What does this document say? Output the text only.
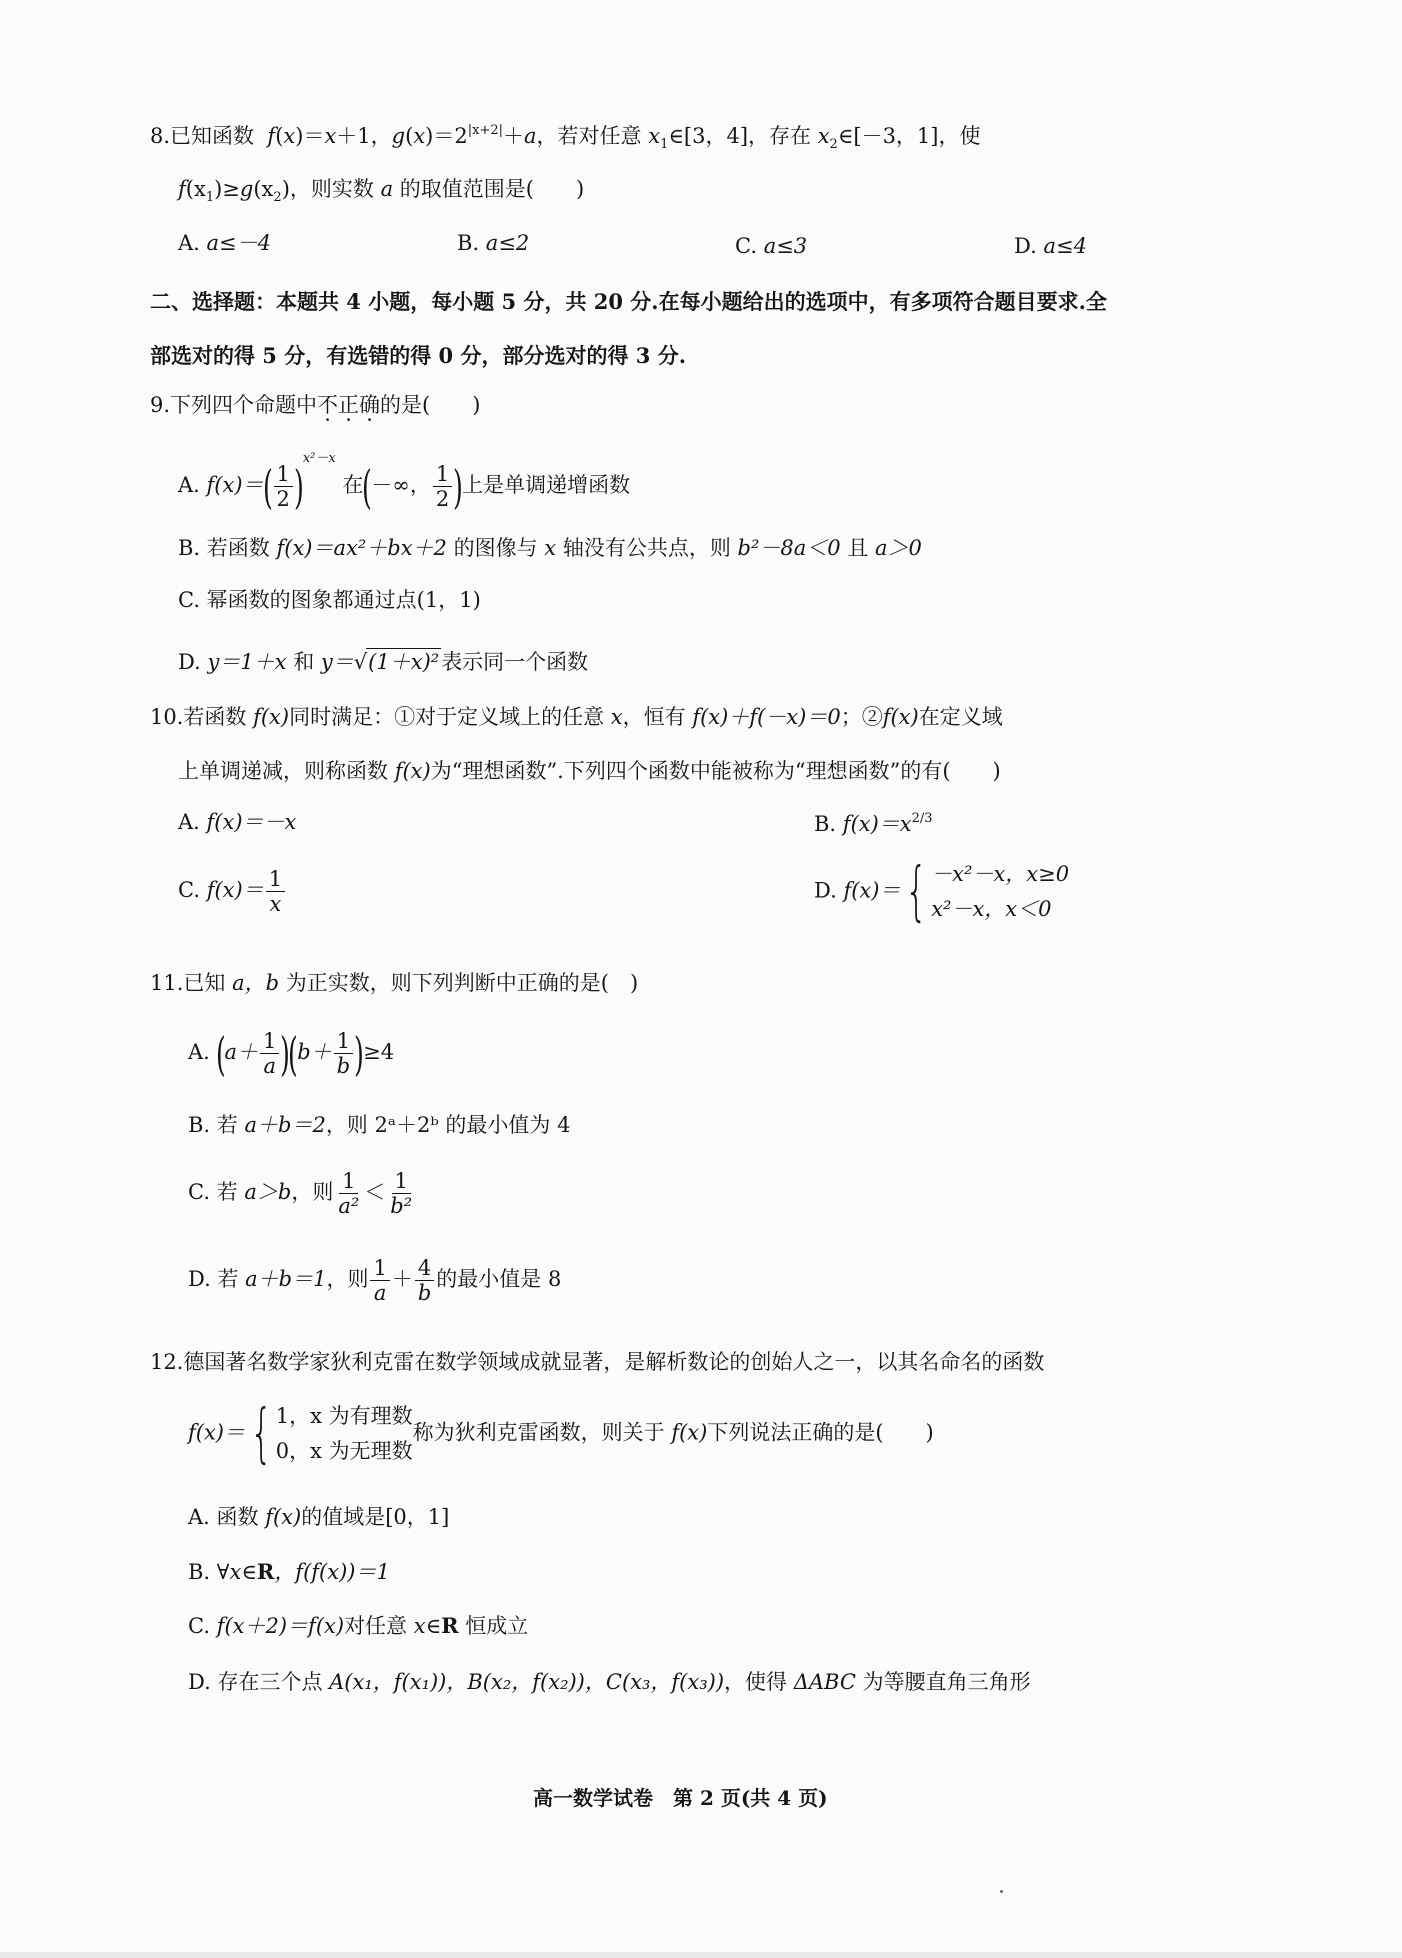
8.已知函数 f(x)＝x＋1，$g(x)=2^{|x+2|}+a$，若对任意 $x_1\in[3$，4]，存在 $x_2\in[-3$，1]，使
$f(x_1)\ge g(x_2)$，则实数 a 的取值范围是(　　)
A. a≤－4	B. a≤2	C. a≤3	D. a≤4
二、选择题：本题共 4 小题，每小题 5 分，共 20 分.在每小题给出的选项中，有多项符合题目要求.全
部选对的得 5 分，有选错的得 0 分，部分选对的得 3 分.
9.下列四个命题中不正确的是(　　)
A. $f(x)=( \frac{1}{2} )^{x^2-x}$ 在(－∞， $\frac{1}{2}$ )上是单调递增函数
B. 若函数 f(x)＝ax²＋bx＋2 的图像与 x 轴没有公共点，则 b²－8a＜0 且 a＞0
C. 幂函数的图象都通过点(1，1)
D. y＝1＋x 和 y＝√(1＋x)²表示同一个函数
10.若函数 f(x)同时满足：①对于定义域上的任意 x，恒有 f(x)＋f(－x)＝0；②f(x)在定义域
上单调递减，则称函数 f(x)为“理想函数”.下列四个函数中能被称为“理想函数”的有(　　)
A. f(x)＝－x	B. $f(x)=x^{2/3}$
C. $f(x)= \frac{1}{x}$	D. f(x)＝ { －x²－x，x≥0
x²－x，x＜0
11.已知 a，b 为正实数，则下列判断中正确的是(　)
A. $(a+ \frac{1}{a} )(b+ \frac{1}{b} )\ge 4$
B. 若 a＋b＝2，则 2ᵃ＋2ᵇ 的最小值为 4
C. 若 a＞b，则 $\frac{1}{\text{a²}} < \frac{1}{\text{b²}}$
D. 若 a＋b＝1，则 $\frac{1}{a} + \frac{4}{b}$ 的最小值是 8
12.德国著名数学家狄利克雷在数学领域成就显著，是解析数论的创始人之一，以其名命名的函数
f(x)＝ { 1，x 为有理数
0，x 为无理数
称为狄利克雷函数，则关于 f(x)下列说法正确的是(　　)
A. 函数 f(x)的值域是[0，1]
B. ∀x∈R，f(f(x))＝1
C. f(x＋2)＝f(x)对任意 x∈R 恒成立
D. 存在三个点 A(x₁，f(x₁))，B(x₂，f(x₂))，C(x₃，f(x₃))，使得 ΔABC 为等腰直角三角形
高一数学试卷　第 2 页(共 4 页)
